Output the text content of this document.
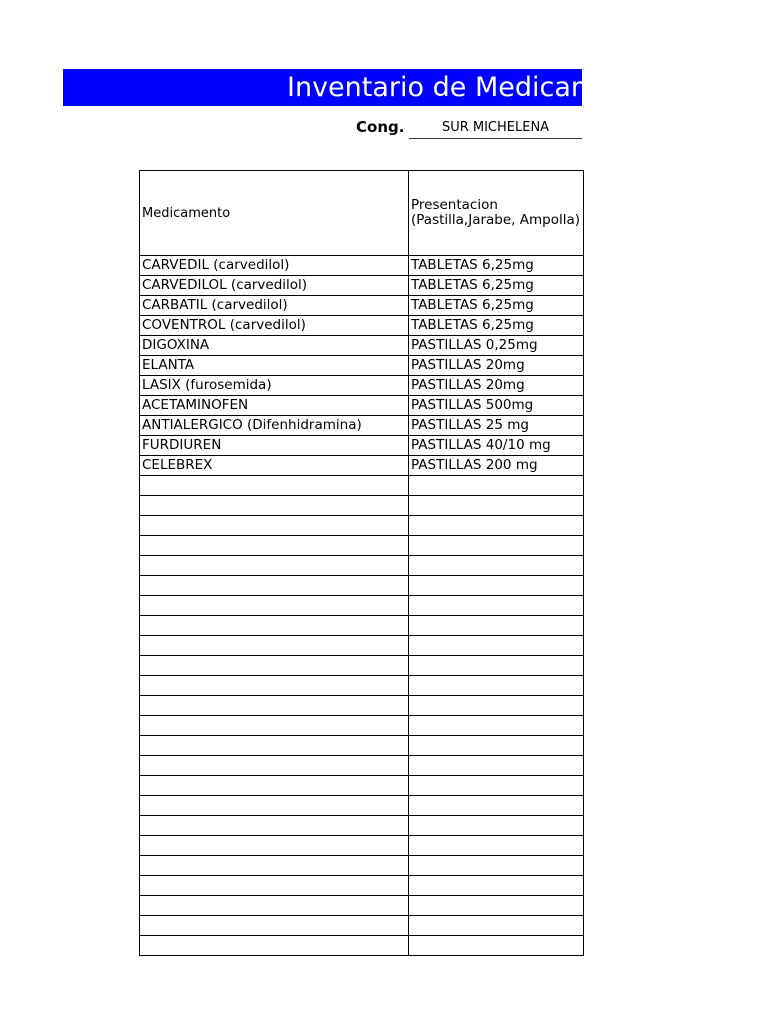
Inventario de Medicamentos
Cong.	SUR MICHELENA
Medicamento	Presentacion (Pastilla,Jarabe, Ampolla)
CARVEDIL (carvedilol)	TABLETAS 6,25mg
CARVEDILOL (carvedilol)	TABLETAS 6,25mg
CARBATIL (carvedilol)	TABLETAS 6,25mg
COVENTROL (carvedilol)	TABLETAS 6,25mg
DIGOXINA	PASTILLAS 0,25mg
ELANTA	PASTILLAS 20mg
LASIX (furosemida)	PASTILLAS 20mg
ACETAMINOFEN	PASTILLAS 500mg
ANTIALERGICO (Difenhidramina)	PASTILLAS 25 mg
FURDIUREN	PASTILLAS 40/10 mg
CELEBREX	PASTILLAS 200 mg
